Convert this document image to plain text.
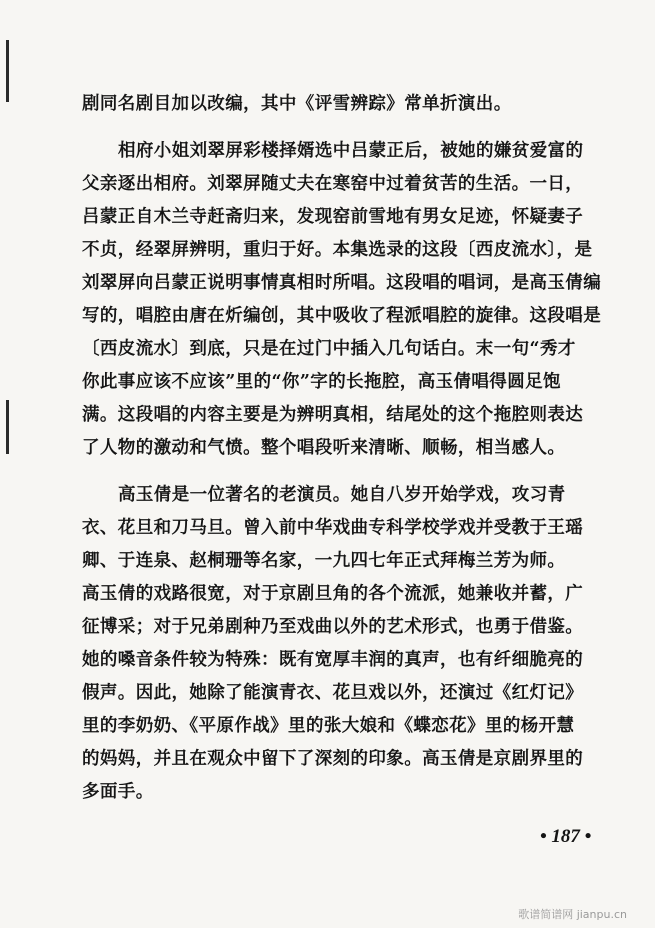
剧同名剧目加以改编，其中《评雪辨踪》常单折演出。
相府小姐刘翠屏彩楼择婿选中吕蒙正后，被她的嫌贫爱富的
父亲逐出相府。刘翠屏随丈夫在寒窑中过着贫苦的生活。一日，
吕蒙正自木兰寺赶斋归来，发现窑前雪地有男女足迹，怀疑妻子
不贞，经翠屏辨明，重归于好。本集选录的这段〔西皮流水〕，是
刘翠屏向吕蒙正说明事情真相时所唱。这段唱的唱词，是高玉倩编
写的，唱腔由唐在炘编创，其中吸收了程派唱腔的旋律。这段唱是
〔西皮流水〕到底，只是在过门中插入几句话白。末一句“秀才
你此事应该不应该”里的“你”字的长拖腔，高玉倩唱得圆足饱
满。这段唱的内容主要是为辨明真相，结尾处的这个拖腔则表达
了人物的激动和气愤。整个唱段听来清晰、顺畅，相当感人。
高玉倩是一位著名的老演员。她自八岁开始学戏，攻习青
衣、花旦和刀马旦。曾入前中华戏曲专科学校学戏并受教于王瑶
卿、于连泉、赵桐珊等名家，一九四七年正式拜梅兰芳为师。
高玉倩的戏路很宽，对于京剧旦角的各个流派，她兼收并蓄，广
征博采；对于兄弟剧种乃至戏曲以外的艺术形式，也勇于借鉴。
她的嗓音条件较为特殊：既有宽厚丰润的真声，也有纤细脆亮的
假声。因此，她除了能演青衣、花旦戏以外，还演过《红灯记》
里的李奶奶、《平原作战》里的张大娘和《蝶恋花》里的杨开慧
的妈妈，并且在观众中留下了深刻的印象。高玉倩是京剧界里的
多面手。
• 187 •
歌谱简谱网 jianpu.cn
